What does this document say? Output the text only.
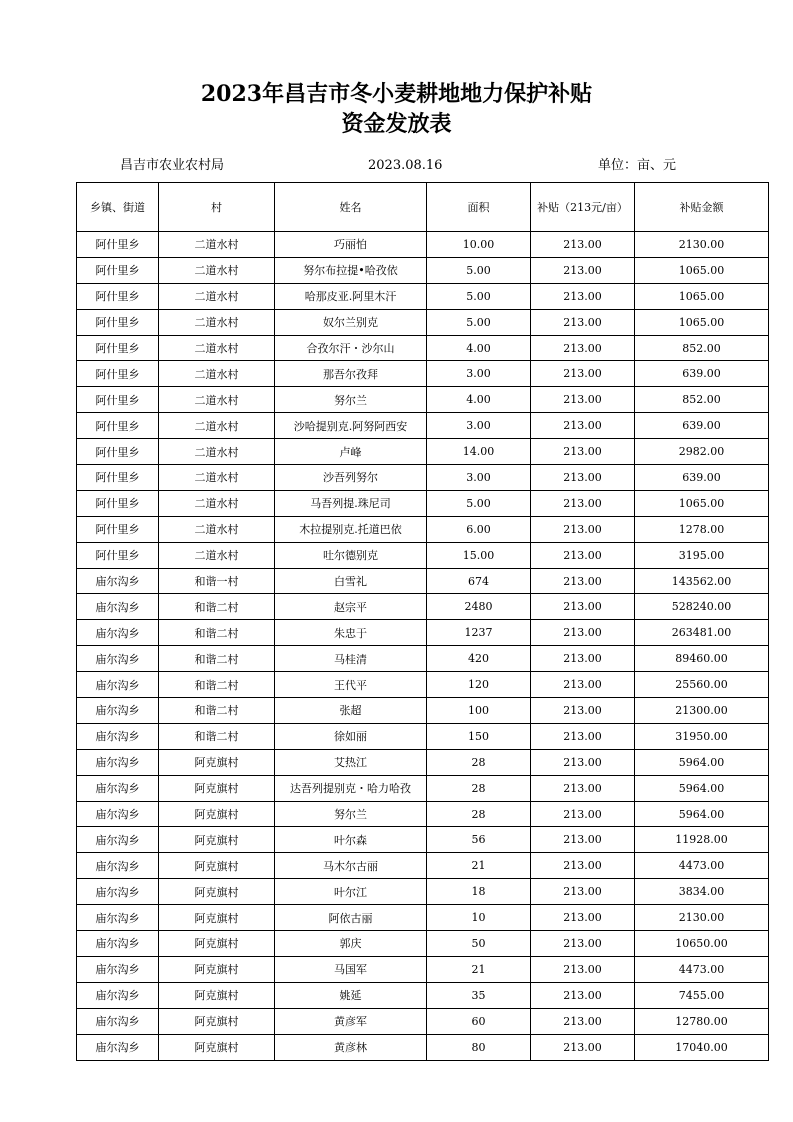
2023年昌吉市冬小麦耕地地力保护补贴
资金发放表
昌吉市农业农村局	2023.08.16	单位：亩、元
乡镇、街道	村	姓名	面积	补贴（213元/亩）	补贴金额
阿什里乡	二道水村	巧丽怕	10.00	213.00	2130.00
阿什里乡	二道水村	努尔布拉提•哈孜依	5.00	213.00	1065.00
阿什里乡	二道水村	哈那皮亚.阿里木汗	5.00	213.00	1065.00
阿什里乡	二道水村	奴尔兰别克	5.00	213.00	1065.00
阿什里乡	二道水村	合孜尔汗・沙尔山	4.00	213.00	852.00
阿什里乡	二道水村	那吾尔孜拜	3.00	213.00	639.00
阿什里乡	二道水村	努尔兰	4.00	213.00	852.00
阿什里乡	二道水村	沙哈提别克.阿努阿西安	3.00	213.00	639.00
阿什里乡	二道水村	卢峰	14.00	213.00	2982.00
阿什里乡	二道水村	沙吾列努尔	3.00	213.00	639.00
阿什里乡	二道水村	马吾列提.珠尼司	5.00	213.00	1065.00
阿什里乡	二道水村	木拉提别克.托道巴依	6.00	213.00	1278.00
阿什里乡	二道水村	吐尔德别克	15.00	213.00	3195.00
庙尔沟乡	和谐一村	白雪礼	674	213.00	143562.00
庙尔沟乡	和谐二村	赵宗平	2480	213.00	528240.00
庙尔沟乡	和谐二村	朱忠于	1237	213.00	263481.00
庙尔沟乡	和谐二村	马桂清	420	213.00	89460.00
庙尔沟乡	和谐二村	王代平	120	213.00	25560.00
庙尔沟乡	和谐二村	张超	100	213.00	21300.00
庙尔沟乡	和谐二村	徐如丽	150	213.00	31950.00
庙尔沟乡	阿克旗村	艾热江	28	213.00	5964.00
庙尔沟乡	阿克旗村	达吾列提别克・哈力哈孜	28	213.00	5964.00
庙尔沟乡	阿克旗村	努尔兰	28	213.00	5964.00
庙尔沟乡	阿克旗村	叶尔森	56	213.00	11928.00
庙尔沟乡	阿克旗村	马木尔古丽	21	213.00	4473.00
庙尔沟乡	阿克旗村	叶尔江	18	213.00	3834.00
庙尔沟乡	阿克旗村	阿依古丽	10	213.00	2130.00
庙尔沟乡	阿克旗村	郭庆	50	213.00	10650.00
庙尔沟乡	阿克旗村	马国军	21	213.00	4473.00
庙尔沟乡	阿克旗村	姚延	35	213.00	7455.00
庙尔沟乡	阿克旗村	黄彦军	60	213.00	12780.00
庙尔沟乡	阿克旗村	黄彦林	80	213.00	17040.00
